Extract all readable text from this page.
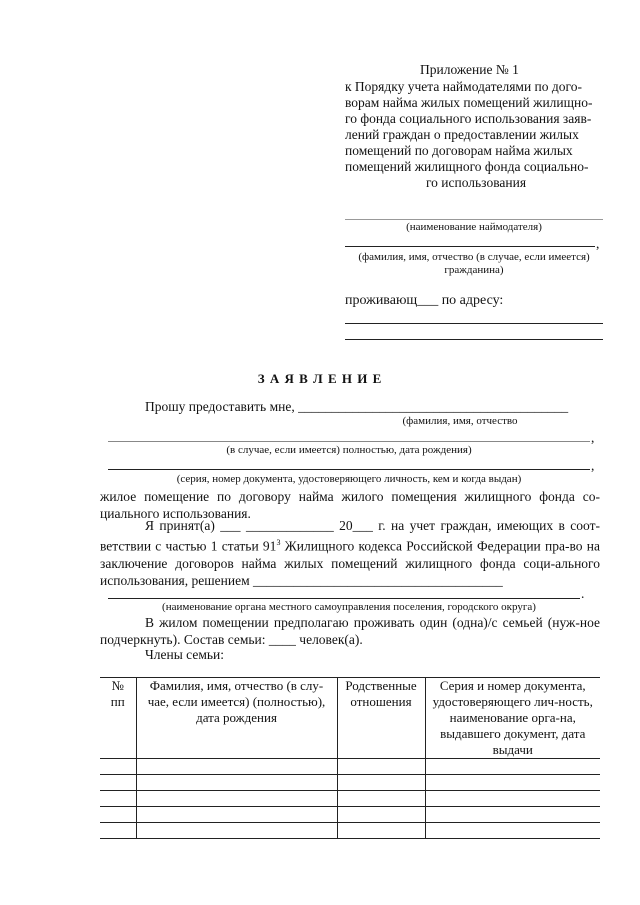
Приложение № 1
к Порядку учета наймодателями по дого-
ворам найма жилых помещений жилищно-
го фонда социального использования заяв-
лений граждан о предоставлении жилых
помещений по договорам найма жилых
помещений жилищного фонда социально-
го использования
(наименование наймодателя)
,
(фамилия, имя, отчество (в случае, если имеется)
гражданина)
проживающ___ по адресу:
З А Я В Л Е Н И Е
Прошу предоставить мне, ________________________________________
(фамилия, имя, отчество
,
(в случае, если имеется) полностью, дата рождения)
,
(серия, номер документа, удостоверяющего личность, кем и когда выдан)
жилое помещение по договору найма жилого помещения жилищного фонда со-циального использования.
Я принят(а) ___ _____________ 20___ г. на учет граждан, имеющих в соот-ветствии с частью 1 статьи $91^3$ Жилищного кодекса Российской Федерации пра-во на заключение договоров найма жилых помещений жилищного фонда соци-ального использования, решением _____________________________________
.
(наименование органа местного самоуправления поселения, городского округа)
В жилом помещении предполагаю проживать один (одна)/с семьей (нуж-ное подчеркнуть). Состав семьи: ____ человек(а).
Члены семьи:
№ пп	Фамилия, имя, отчество (в слу-чае, если имеется) (полностью), дата рождения	Родственные отношения	Серия и номер документа, удостоверяющего лич-ность, наименование орга-на, выдавшего документ, дата выдачи
